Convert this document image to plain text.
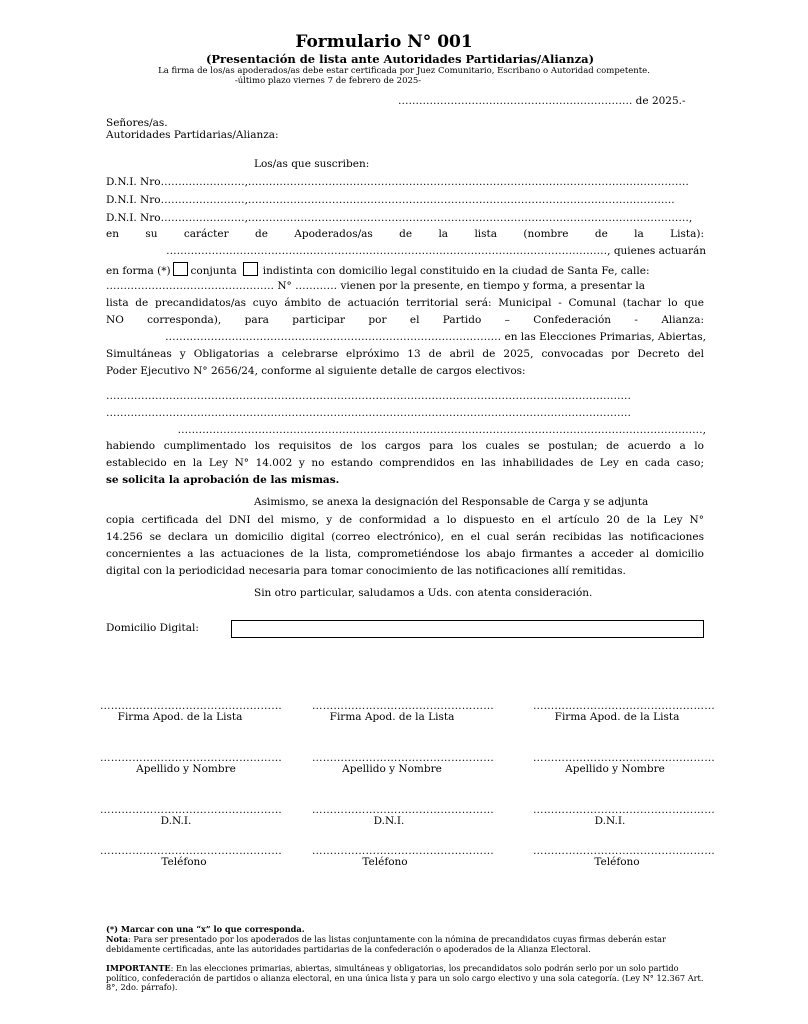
Formulario N° 001
(Presentación de lista ante Autoridades Partidarias/Alianza)
La firma de los/as apoderados/as debe estar certificada por Juez Comunitario, Escribano o Autoridad competente.
-último plazo viernes 7 de febrero de 2025-
…………………………………………………………. de 2025.-
Señores/as.
Autoridades Partidarias/Alianza:
Los/as que suscriben:
D.N.I. Nro……………………,………………………………………………………………………………………………………………
D.N.I. Nro……………………,…………………………………………………………………………………………………………..
D.N.I. Nro……………………,………………………………………………………………………………………………………………,
en su carácter de Apoderados/as de la lista (nombre de la Lista):
………………………………………………………………………………………………………………, quienes actuarán
en forma (*) conjunta indistinta con domicilio legal constituido en la ciudad de Santa Fe, calle:
………………………………………… N° ………… vienen por la presente, en tiempo y forma, a presentar la
lista de precandidatos/as cuyo ámbito de actuación territorial será: Municipal - Comunal (tachar lo que
NO corresponda), para participar por el Partido – Confederación - Alianza:
…………………………………………………………………………………… en las Elecciones Primarias, Abiertas,
Simultáneas y Obligatorias a celebrarse elpróximo 13 de abril de 2025, convocadas por Decreto del
Poder Ejecutivo N° 2656/24, conforme al siguiente detalle de cargos electivos:
……………………………………………………………………………………………………………………………………
……………………………………………………………………………………………………………………………………
……………………………………………………………………………………………………………………………………,
habiendo cumplimentado los requisitos de los cargos para los cuales se postulan; de acuerdo a lo
establecido en la Ley N° 14.002 y no estando comprendidos en las inhabilidades de Ley en cada caso;
se solicita la aprobación de las mismas.
Asimismo, se anexa la designación del Responsable de Carga y se adjunta
copia certificada del DNI del mismo, y de conformidad a lo dispuesto en el artículo 20 de la Ley N°
14.256 se declara un domicilio digital (correo electrónico), en el cual serán recibidas las notificaciones
concernientes a las actuaciones de la lista, comprometiéndose los abajo firmantes a acceder al domicilio
digital con la periodicidad necesaria para tomar conocimiento de las notificaciones allí remitidas.
Sin otro particular, saludamos a Uds. con atenta consideración.
Domicilio Digital:
……………………………………………	……………………………………………	……………………………………………
Firma Apod. de la Lista	Firma Apod. de la Lista	Firma Apod. de la Lista
……………………………………………	……………………………………………	……………………………………………
Apellido y Nombre	Apellido y Nombre	Apellido y Nombre
……………………………………………	……………………………………………	……………………………………………
D.N.I.	D.N.I.	D.N.I.
……………………………………………	……………………………………………	……………………………………………
Teléfono	Teléfono	Teléfono
(*) Marcar con una “x” lo que corresponda.
Nota: Para ser presentado por los apoderados de las listas conjuntamente con la nómina de precandidatos cuyas firmas deberán estar debidamente certificadas, ante las autoridades partidarias de la confederación o apoderados de la Alianza Electoral.
IMPORTANTE: En las elecciones primarias, abiertas, simultáneas y obligatorias, los precandidatos solo podrán serlo por un solo partido político, confederación de partidos o alianza electoral, en una única lista y para un solo cargo electivo y una sola categoría. (Ley N° 12.367 Art. 8°, 2do. párrafo).
